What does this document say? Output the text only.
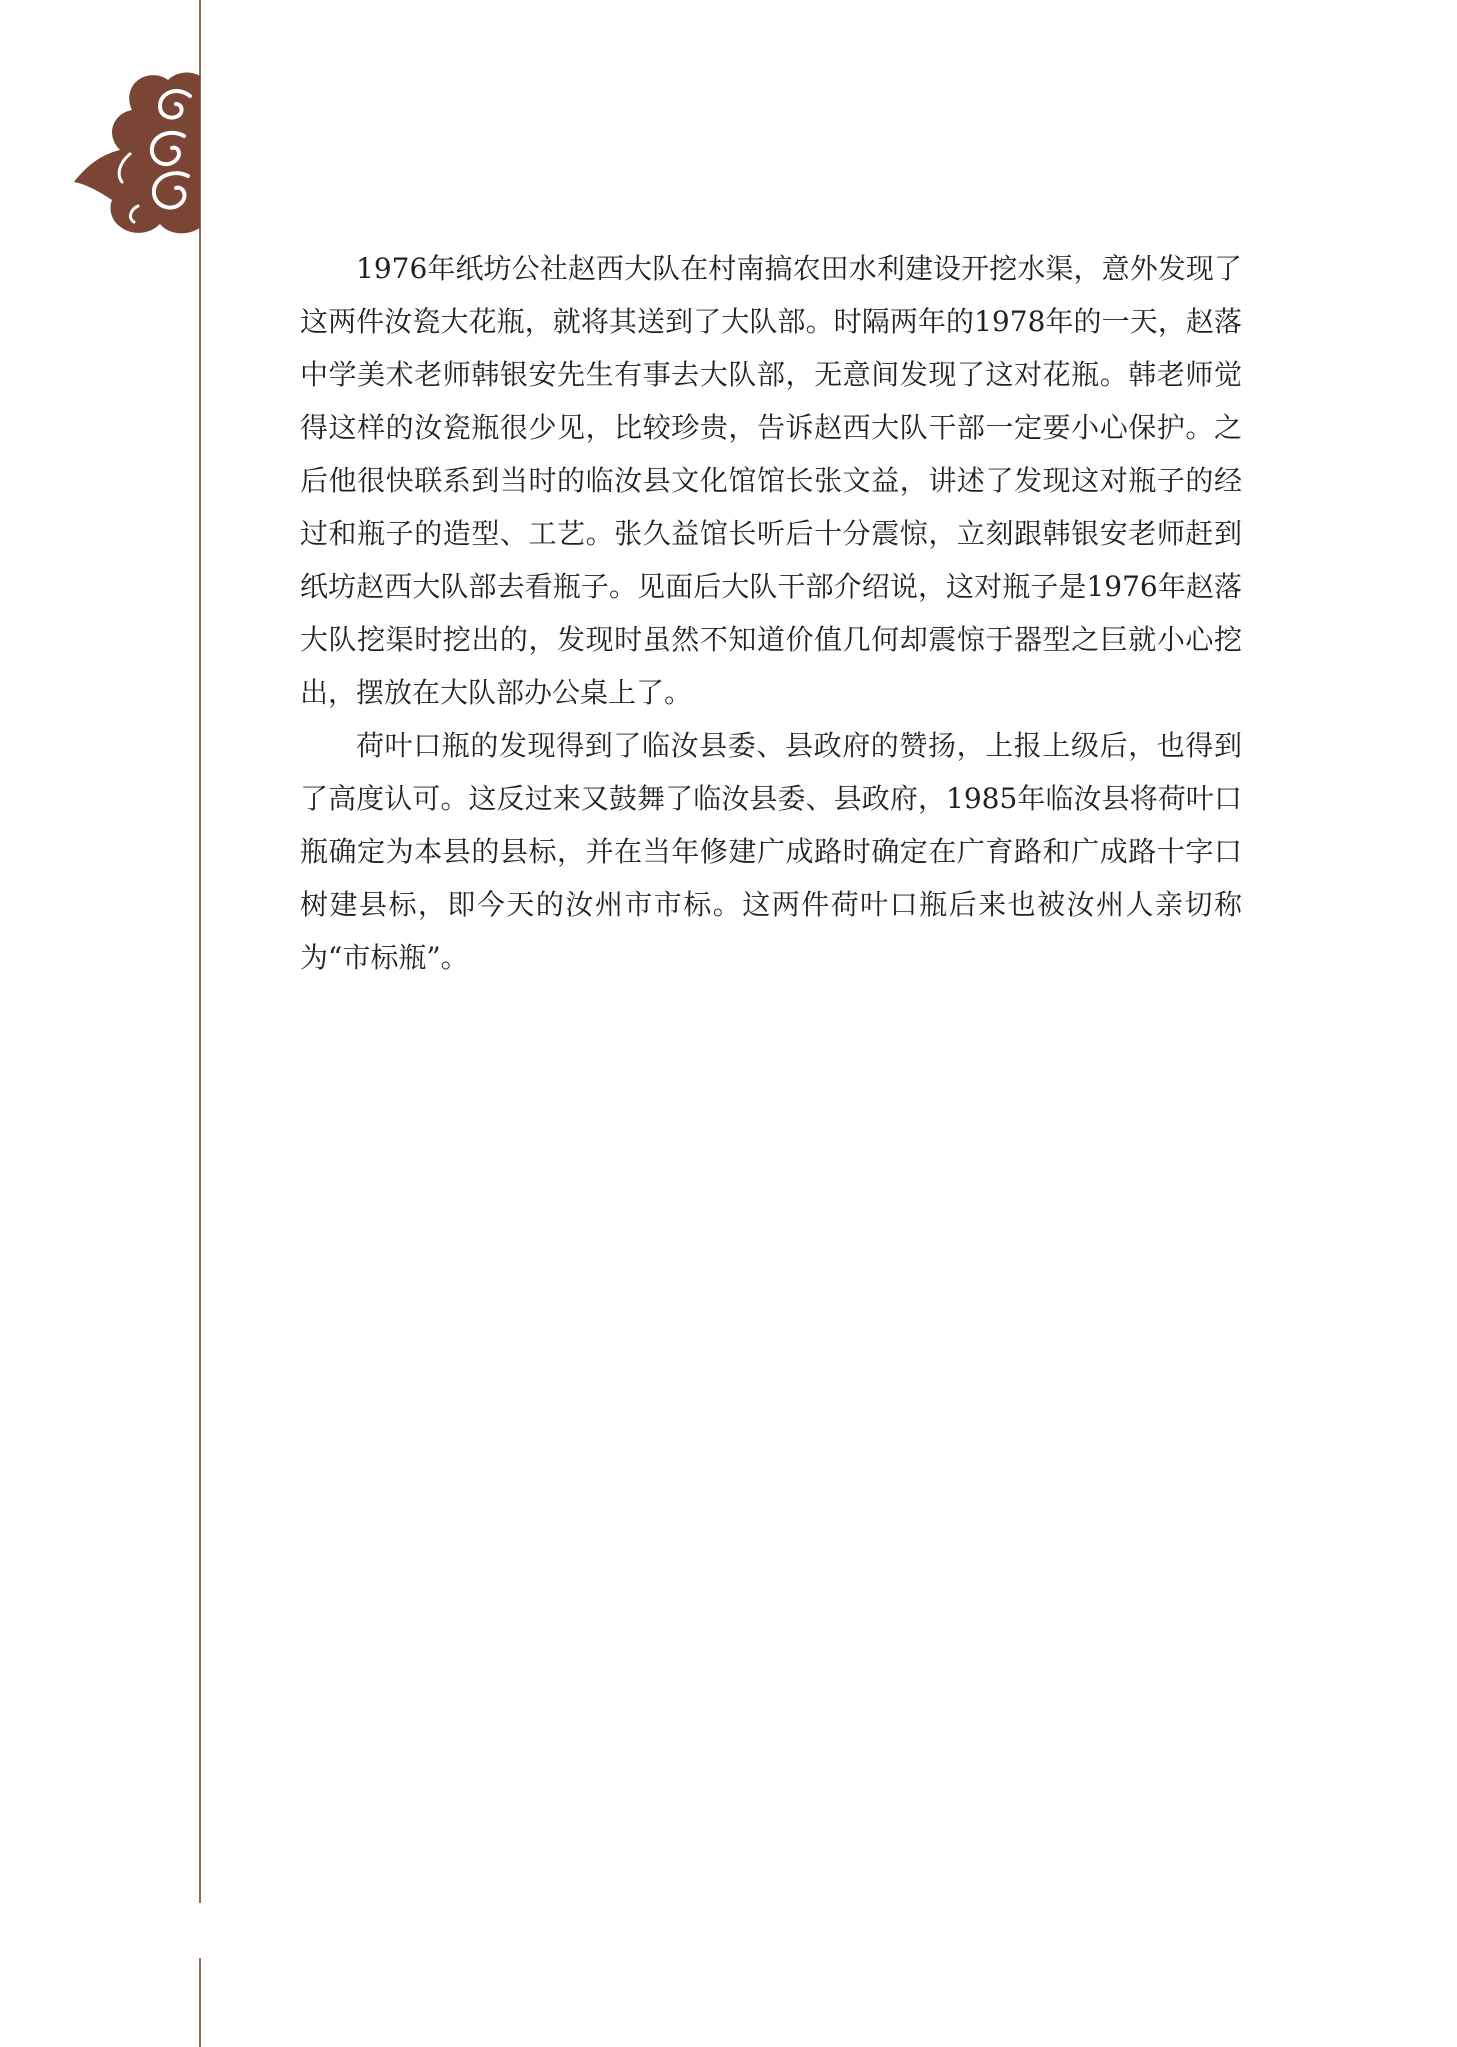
1976年纸坊公社赵西大队在村南搞农田水利建设开挖水渠，意外发现了这两件汝瓷大花瓶，就将其送到了大队部。时隔两年的1978年的一天，赵落中学美术老师韩银安先生有事去大队部，无意间发现了这对花瓶。韩老师觉得这样的汝瓷瓶很少见，比较珍贵，告诉赵西大队干部一定要小心保护。之后他很快联系到当时的临汝县文化馆馆长张文益，讲述了发现这对瓶子的经过和瓶子的造型、工艺。张久益馆长听后十分震惊，立刻跟韩银安老师赶到纸坊赵西大队部去看瓶子。见面后大队干部介绍说，这对瓶子是1976年赵落大队挖渠时挖出的，发现时虽然不知道价值几何却震惊于器型之巨就小心挖出，摆放在大队部办公桌上了。

荷叶口瓶的发现得到了临汝县委、县政府的赞扬，上报上级后，也得到了高度认可。这反过来又鼓舞了临汝县委、县政府，1985年临汝县将荷叶口瓶确定为本县的县标，并在当年修建广成路时确定在广育路和广成路十字口树建县标，即今天的汝州市市标。这两件荷叶口瓶后来也被汝州人亲切称为“市标瓶”。
